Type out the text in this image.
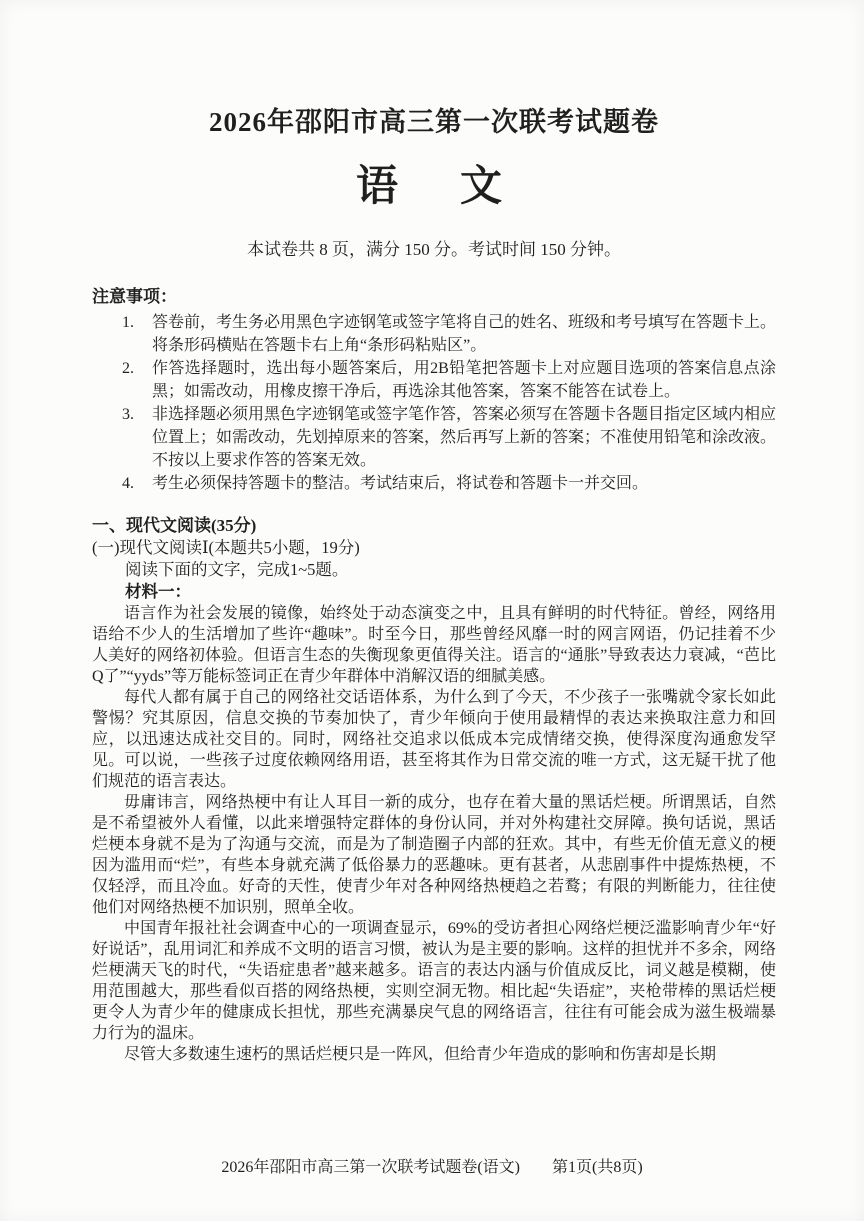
2026年邵阳市高三第一次联考试题卷
语　文
本试卷共 8 页，满分 150 分。考试时间 150 分钟。
注意事项：
1.	答卷前，考生务必用黑色字迹钢笔或签字笔将自己的姓名、班级和考号填写在答题卡上。将条形码横贴在答题卡右上角“条形码粘贴区”。
2.	作答选择题时，选出每小题答案后，用2B铅笔把答题卡上对应题目选项的答案信息点涂黑；如需改动，用橡皮擦干净后，再选涂其他答案，答案不能答在试卷上。
3.	非选择题必须用黑色字迹钢笔或签字笔作答，答案必须写在答题卡各题目指定区域内相应位置上；如需改动，先划掉原来的答案，然后再写上新的答案；不准使用铅笔和涂改液。不按以上要求作答的答案无效。
4.	考生必须保持答题卡的整洁。考试结束后，将试卷和答题卡一并交回。
一、现代文阅读(35分)
(一)现代文阅读Ⅰ(本题共5小题，19分)
阅读下面的文字，完成1~5题。
材料一：

语言作为社会发展的镜像，始终处于动态演变之中，且具有鲜明的时代特征。曾经，网络用语给不少人的生活增加了些许“趣味”。时至今日，那些曾经风靡一时的网言网语，仍记挂着不少人美好的网络初体验。但语言生态的失衡现象更值得关注。语言的“通胀”导致表达力衰减，“芭比Q了”“yyds”等万能标签词正在青少年群体中消解汉语的细腻美感。

每代人都有属于自己的网络社交话语体系，为什么到了今天，不少孩子一张嘴就令家长如此警惕？究其原因，信息交换的节奏加快了，青少年倾向于使用最精悍的表达来换取注意力和回应，以迅速达成社交目的。同时，网络社交追求以低成本完成情绪交换，使得深度沟通愈发罕见。可以说，一些孩子过度依赖网络用语，甚至将其作为日常交流的唯一方式，这无疑干扰了他们规范的语言表达。

毋庸讳言，网络热梗中有让人耳目一新的成分，也存在着大量的黑话烂梗。所谓黑话，自然是不希望被外人看懂，以此来增强特定群体的身份认同，并对外构建社交屏障。换句话说，黑话烂梗本身就不是为了沟通与交流，而是为了制造圈子内部的狂欢。其中，有些无价值无意义的梗因为滥用而“烂”，有些本身就充满了低俗暴力的恶趣味。更有甚者，从悲剧事件中提炼热梗，不仅轻浮，而且冷血。好奇的天性，使青少年对各种网络热梗趋之若鹜；有限的判断能力，往往使他们对网络热梗不加识别，照单全收。

中国青年报社社会调查中心的一项调查显示，69%的受访者担心网络烂梗泛滥影响青少年“好好说话”，乱用词汇和养成不文明的语言习惯，被认为是主要的影响。这样的担忧并不多余，网络烂梗满天飞的时代，“失语症患者”越来越多。语言的表达内涵与价值成反比，词义越是模糊，使用范围越大，那些看似百搭的网络热梗，实则空洞无物。相比起“失语症”，夹枪带棒的黑话烂梗更令人为青少年的健康成长担忧，那些充满暴戾气息的网络语言，往往有可能会成为滋生极端暴力行为的温床。

尽管大多数速生速朽的黑话烂梗只是一阵风，但给青少年造成的影响和伤害却是长期

2026年邵阳市高三第一次联考试题卷(语文)　　第1页(共8页)
